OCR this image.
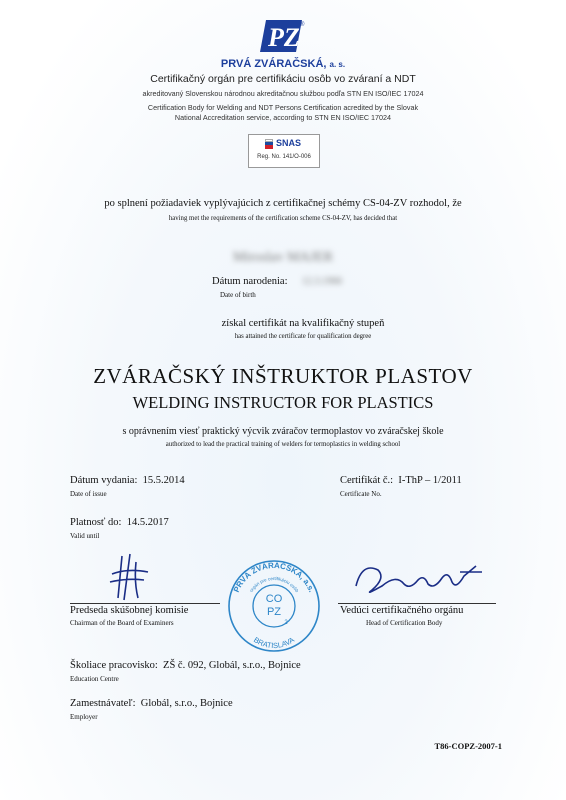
PZ ®
PRVÁ ZVÁRAČSKÁ, a. s.
Certifikačný orgán pre certifikáciu osôb vo zváraní a NDT
akreditovaný Slovenskou národnou akreditačnou službou podľa STN EN ISO/IEC 17024
Certification Body for Welding and NDT Persons Certification acredited by the Slovak
National Accreditation service, according to STN EN ISO/IEC 17024
SNAS
Reg. No. 141/O-006
po splnení požiadaviek vyplývajúcich z certifikačnej schémy CS-04-ZV rozhodol, že
having met the requirements of the certification scheme CS-04-ZV, has decided that
Miroslav MAJER
Dátum narodenia: 12.3.1966
Date of birth
získal certifikát na kvalifikačný stupeň
has attained the certificate for qualification degree
ZVÁRAČSKÝ INŠTRUKTOR PLASTOV
WELDING INSTRUCTOR FOR PLASTICS
s oprávnením viesť praktický výcvik zváračov termoplastov vo zváračskej škole
authorized to lead the practical training of welders for termoplastics in welding school
Dátum vydania: 15.5.2014
Date of issue
Certifikát č.: I-ThP – 1/2011
Certificate No.
Platnosť do: 14.5.2017
Valid until
Predseda skúšobnej komisie
Chairman of the Board of Examiners
Vedúci certifikačného orgánu
Head of Certification Body
PRVÁ ZVÁRAČSKÁ, a.s.
orgán pre certifikáciu osôb
BRATISLAVA
CO
PZ
2
Školiace pracovisko: ZŠ č. 092, Globál, s.r.o., Bojnice
Education Centre
Zamestnávateľ: Globál, s.r.o., Bojnice
Employer
T86-COPZ-2007-1
